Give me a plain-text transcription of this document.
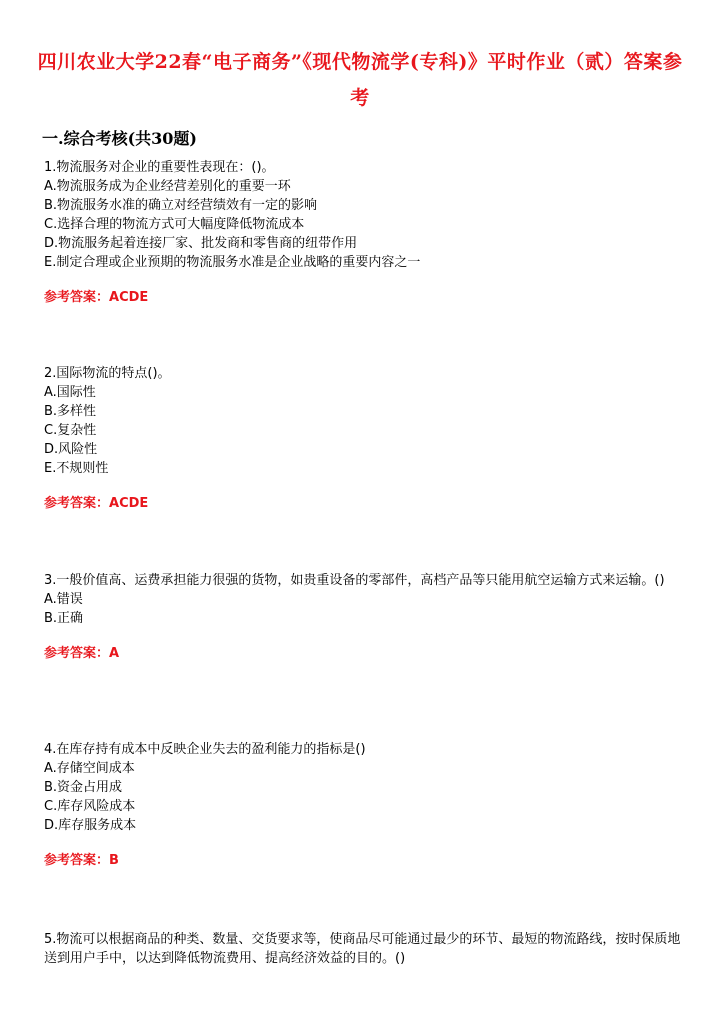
四川农业大学22春“电子商务”《现代物流学(专科)》平时作业（贰）答案参考
一.综合考核(共30题)
1.物流服务对企业的重要性表现在：()。
A.物流服务成为企业经营差别化的重要一环
B.物流服务水准的确立对经营绩效有一定的影响
C.选择合理的物流方式可大幅度降低物流成本
D.物流服务起着连接厂家、批发商和零售商的纽带作用
E.制定合理或企业预期的物流服务水准是企业战略的重要内容之一
参考答案：ACDE
2.国际物流的特点()。
A.国际性
B.多样性
C.复杂性
D.风险性
E.不规则性
参考答案：ACDE
3.一般价值高、运费承担能力很强的货物，如贵重设备的零部件，高档产品等只能用航空运输方式来运输。()
A.错误
B.正确
参考答案：A
4.在库存持有成本中反映企业失去的盈利能力的指标是()
A.存储空间成本
B.资金占用成
C.库存风险成本
D.库存服务成本
参考答案：B
5.物流可以根据商品的种类、数量、交货要求等，使商品尽可能通过最少的环节、最短的物流路线，按时保质地送到用户手中，以达到降低物流费用、提高经济效益的目的。()
